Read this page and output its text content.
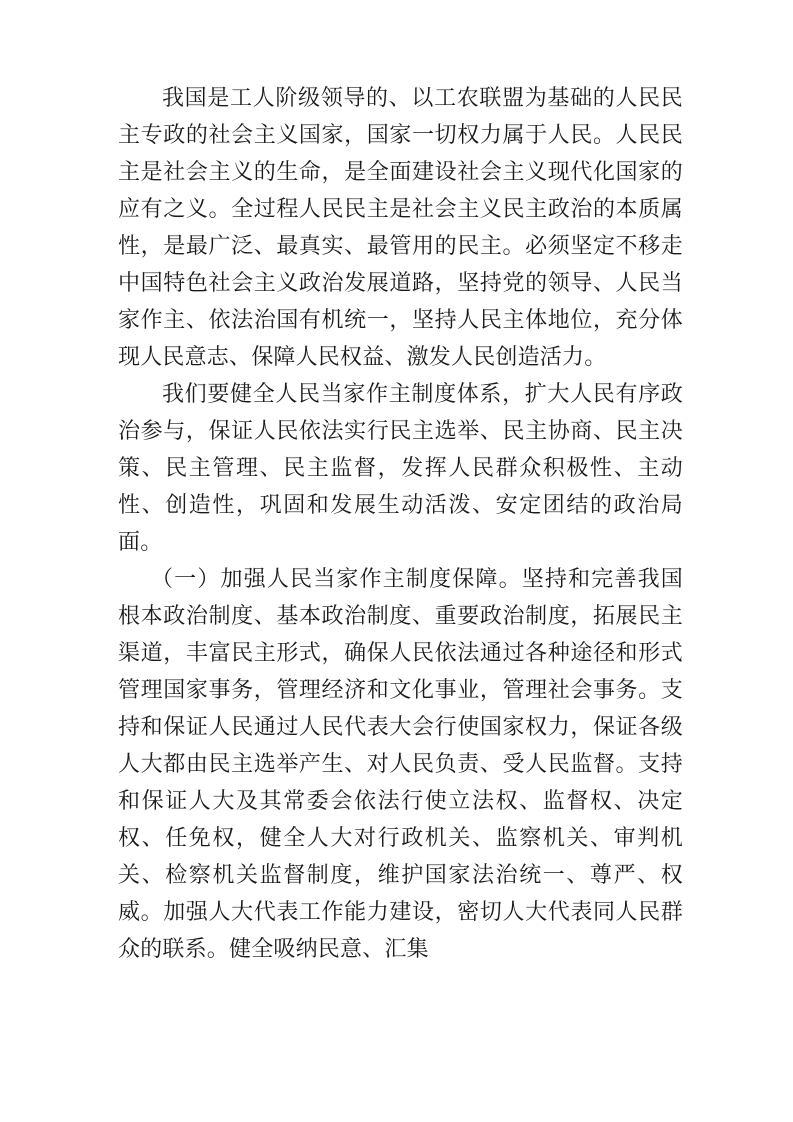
我国是工人阶级领导的、以工农联盟为基础的人民民主专政的社会主义国家，国家一切权力属于人民。人民民主是社会主义的生命，是全面建设社会主义现代化国家的应有之义。全过程人民民主是社会主义民主政治的本质属性，是最广泛、最真实、最管用的民主。必须坚定不移走中国特色社会主义政治发展道路，坚持党的领导、人民当家作主、依法治国有机统一，坚持人民主体地位，充分体现人民意志、保障人民权益、激发人民创造活力。

我们要健全人民当家作主制度体系，扩大人民有序政治参与，保证人民依法实行民主选举、民主协商、民主决策、民主管理、民主监督，发挥人民群众积极性、主动性、创造性，巩固和发展生动活泼、安定团结的政治局面。

（一）加强人民当家作主制度保障。坚持和完善我国根本政治制度、基本政治制度、重要政治制度，拓展民主渠道，丰富民主形式，确保人民依法通过各种途径和形式管理国家事务，管理经济和文化事业，管理社会事务。支持和保证人民通过人民代表大会行使国家权力，保证各级人大都由民主选举产生、对人民负责、受人民监督。支持和保证人大及其常委会依法行使立法权、监督权、决定权、任免权，健全人大对行政机关、监察机关、审判机关、检察机关监督制度，维护国家法治统一、尊严、权威。加强人大代表工作能力建设，密切人大代表同人民群众的联系。健全吸纳民意、汇集
